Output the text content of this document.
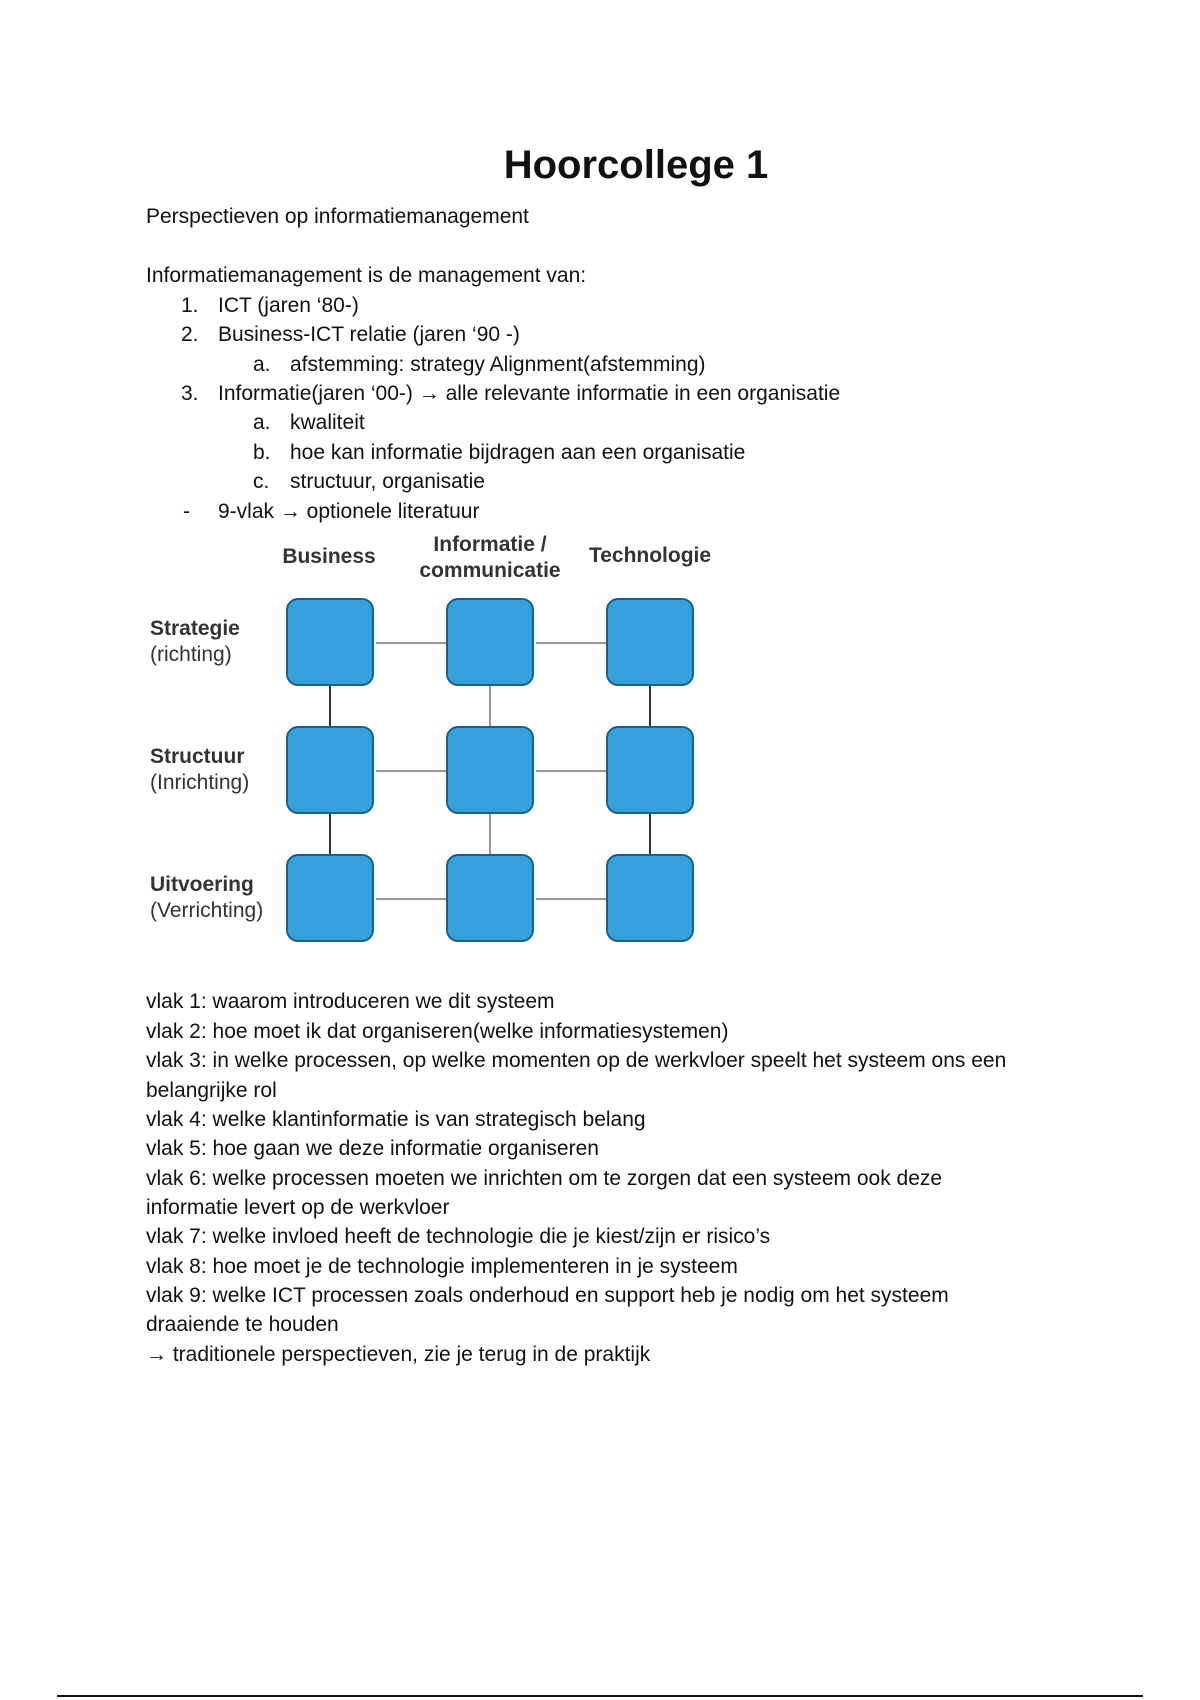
Hoorcollege 1
Perspectieven op informatiemanagement
Informatiemanagement is de management van:
1. ICT (jaren ‘80-)
2. Business-ICT relatie (jaren ‘90 -)
a. afstemming: strategy Alignment(afstemming)
3. Informatie(jaren ‘00-) → alle relevante informatie in een organisatie
a. kwaliteit
b. hoe kan informatie bijdragen aan een organisatie
c. structuur, organisatie
- 9-vlak → optionele literatuur
Business
Informatie /
communicatie
Technologie
Strategie
(richting)
Structuur
(Inrichting)
Uitvoering
(Verrichting)
vlak 1: waarom introduceren we dit systeem
vlak 2: hoe moet ik dat organiseren(welke informatiesystemen)
vlak 3: in welke processen, op welke momenten op de werkvloer speelt het systeem ons een
belangrijke rol
vlak 4: welke klantinformatie is van strategisch belang
vlak 5: hoe gaan we deze informatie organiseren
vlak 6: welke processen moeten we inrichten om te zorgen dat een systeem ook deze
informatie levert op de werkvloer
vlak 7: welke invloed heeft de technologie die je kiest/zijn er risico’s
vlak 8: hoe moet je de technologie implementeren in je systeem
vlak 9: welke ICT processen zoals onderhoud en support heb je nodig om het systeem
draaiende te houden
→ traditionele perspectieven, zie je terug in de praktijk
